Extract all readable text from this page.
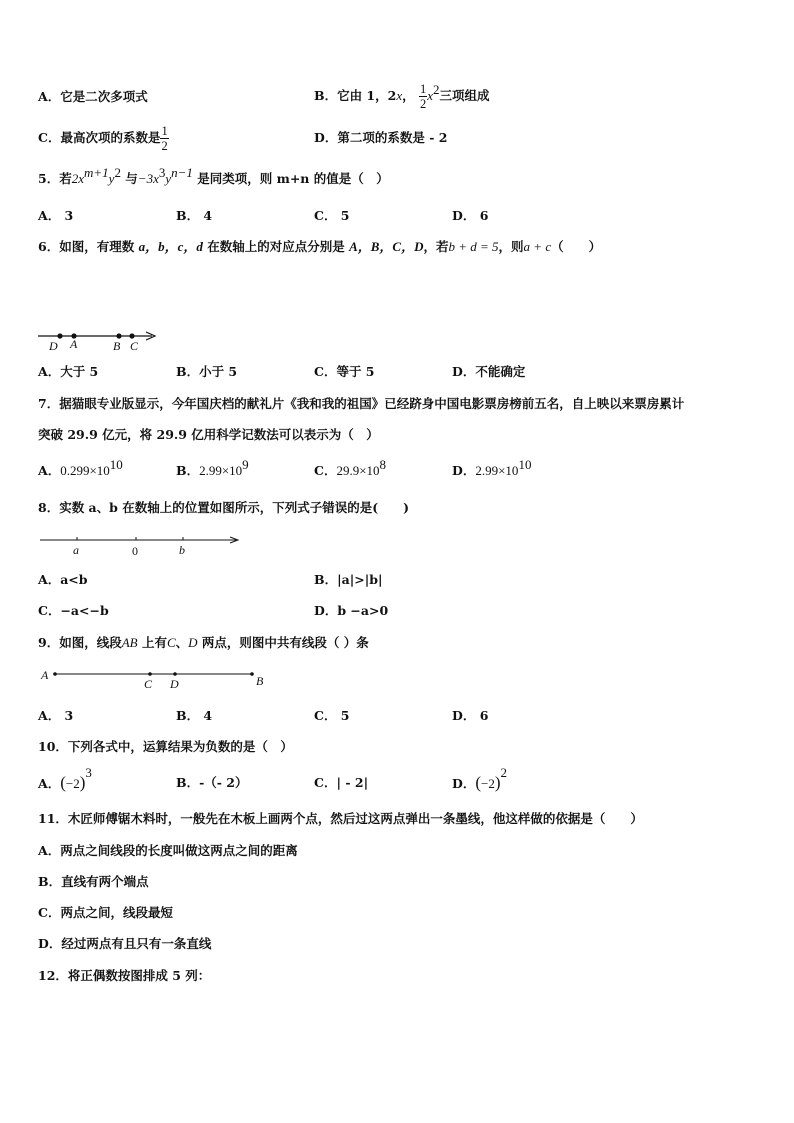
A．它是二次多项式	B．它由 1，2x， $\frac{1}{2} x^2$三项组成
C．最高次项的系数是 $\frac{1}{2}$	D．第二项的系数是 - 2
5．若$2x^{m+1}y^2$ 与$-3x^3y^{n-1}$ 是同类项，则 m+n 的值是（　）
A． 3	B． 4	C． 5	D． 6
6．如图，有理数 a，b，c，d 在数轴上的对应点分别是 A，B，C，D，若b + d = 5，则a + c（　　）
D A	B C
A．大于 5	B．小于 5	C．等于 5	D．不能确定
7．据猫眼专业版显示，今年国庆档的献礼片《我和我的祖国》已经跻身中国电影票房榜前五名，自上映以来票房累计
突破 29.9 亿元，将 29.9 亿用科学记数法可以表示为（　）
A．$0.299\times 10^{10}$	B．$2.99\times 10^9$	C．$29.9\times 10^8$	D．$2.99\times 10^{10}$
8．实数 a、b 在数轴上的位置如图所示，下列式子错误的是(　　)
a	0	b
A．a<b	B．|a|>|b|
C．−a<−b	D．b −a>0
9．如图，线段AB 上有C、D 两点，则图中共有线段（ ）条
A
C D	B
A． 3	B． 4	C． 5	D． 6
10．下列各式中，运算结果为负数的是（　）
A．$(-2)^3$
B．-（- 2）	C．| - 2|	D．$(-2)^2$
11．木匠师傅锯木料时，一般先在木板上画两个点，然后过这两点弹出一条墨线，他这样做的依据是（　　）
A．两点之间线段的长度叫做这两点之间的距离
B．直线有两个端点
C．两点之间，线段最短
D．经过两点有且只有一条直线
12．将正偶数按图排成 5 列：
